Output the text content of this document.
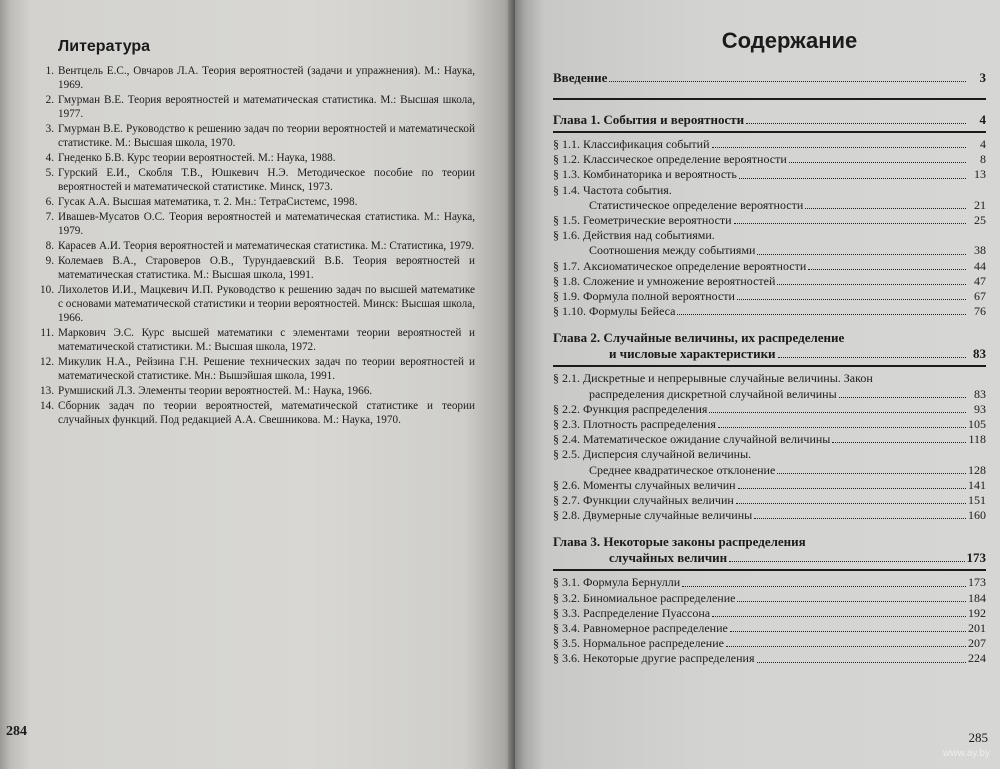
Литература
1. Вентцель Е.С., Овчаров Л.А. Теория вероятностей (задачи и упражнения). М.: Наука, 1969.
2. Гмурман В.Е. Теория вероятностей и математическая статистика. М.: Высшая школа, 1977.
3. Гмурман В.Е. Руководство к решению задач по теории вероятностей и математической статистике. М.: Высшая школа, 1970.
4. Гнеденко Б.В. Курс теории вероятностей. М.: Наука, 1988.
5. Гурский Е.И., Скобля Т.В., Юшкевич Н.Э. Методическое пособие по теории вероятностей и математической статистике. Минск, 1973.
6. Гусак А.А. Высшая математика, т. 2. Мн.: ТетраСистемс, 1998.
7. Ивашев-Мусатов О.С. Теория вероятностей и математическая статистика. М.: Наука, 1979.
8. Карасев А.И. Теория вероятностей и математическая статистика. М.: Статистика, 1979.
9. Колемаев В.А., Староверов О.В., Турундаевский В.Б. Теория вероятностей и математическая статистика. М.: Высшая школа, 1991.
10. Лихолетов И.И., Мацкевич И.П. Руководство к решению задач по высшей математике с основами математической статистики и теории вероятностей. Минск: Высшая школа, 1966.
11. Маркович Э.С. Курс высшей математики с элементами теории вероятностей и математической статистики. М.: Высшая школа, 1972.
12. Микулик Н.А., Рейзина Г.Н. Решение технических задач по теории вероятностей и математической статистике. Мн.: Вышэйшая школа, 1991.
13. Румшиский Л.З. Элементы теории вероятностей. М.: Наука, 1966.
14. Сборник задач по теории вероятностей, математической статистике и теории случайных функций. Под редакцией А.А. Свешникова. М.: Наука, 1970.
284
Содержание
Введение	3
Глава 1. События и вероятности	4
§ 1.1. Классификация событий	4
§ 1.2. Классическое определение вероятности	8
§ 1.3. Комбинаторика и вероятность	13
§ 1.4. Частота события.
Статистическое определение вероятности	21
§ 1.5. Геометрические вероятности	25
§ 1.6. Действия над событиями.
Соотношения между событиями	38
§ 1.7. Аксиоматическое определение вероятности	44
§ 1.8. Сложение и умножение вероятностей	47
§ 1.9. Формула полной вероятности	67
§ 1.10. Формулы Бейеса	76
Глава 2. Случайные величины, их распределение
и числовые характеристики	83
§ 2.1. Дискретные и непрерывные случайные величины. Закон
распределения дискретной случайной величины	83
§ 2.2. Функция распределения	93
§ 2.3. Плотность распределения	105
§ 2.4. Математическое ожидание случайной величины	118
§ 2.5. Дисперсия случайной величины.
Среднее квадратическое отклонение	128
§ 2.6. Моменты случайных величин	141
§ 2.7. Функции случайных величин	151
§ 2.8. Двумерные случайные величины	160
Глава 3. Некоторые законы распределения
случайных величин	173
§ 3.1. Формула Бернулли	173
§ 3.2. Биномиальное распределение	184
§ 3.3. Распределение Пуассона	192
§ 3.4. Равномерное распределение	201
§ 3.5. Нормальное распределение	207
§ 3.6. Некоторые другие распределения	224
285
www.ay.by
